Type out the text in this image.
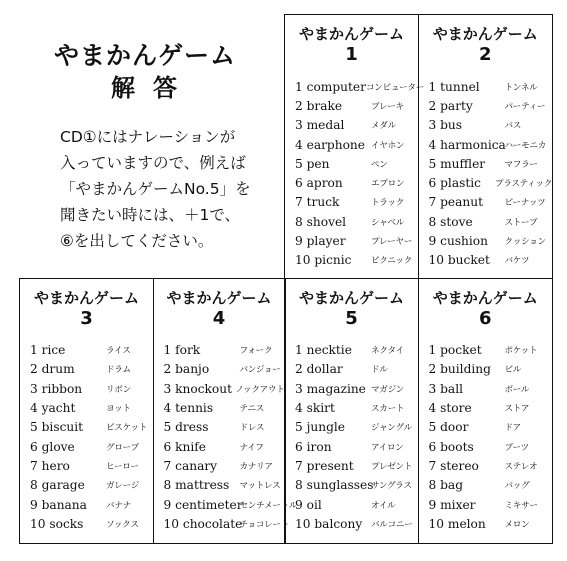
やまかんゲーム
解答
CD①にはナレーションが
入っていますので、例えば
「やまかんゲームNo.5」を
聞きたい時には、＋1で、
⑥を出してください。
やまかんゲーム
1
1 computer コンピューター
2 brake	ブレーキ
3 medal	メダル
4 earphone イヤホン
5 pen	ペン
6 apron	エプロン
7 truck	トラック
8 shovel	シャベル
9 player	プレーヤー
10 picnic	ピクニック
やまかんゲーム
2
1 tunnel	トンネル
2 party	パーティー
3 bus	バス
4 harmonica
ハーモニカ
5 muffler	マフラー
6 plastic	プラスティック
7 peanut	ピーナッツ
8 stove	ストーブ
9 cushion	クッション
10 bucket	バケツ
やまかんゲーム
3
1 rice	ライス
2 drum	ドラム
3 ribbon	リボン
4 yacht	ヨット
5 biscuit	ビスケット
6 glove	グローブ
7 hero	ヒーロー
8 garage	ガレージ
9 banana	バナナ
10 socks	ソックス
やまかんゲーム
4
1 fork	フォーク
2 banjo	バンジョー
3 knockout ノックアウト
4 tennis	テニス
5 dress	ドレス
6 knife	ナイフ
7 canary	カナリア
8 mattress	マットレス
9 centimeter
センチメートル
10 chocolate
チョコレート
やまかんゲーム
5
1 necktie	ネクタイ
2 dollar	ドル
3 magazine マガジン
4 skirt	スカート
5 jungle	ジャングル
6 iron	アイロン
7 present	プレゼント
8 sunglasses
サングラス
9 oil	オイル
10 balcony	バルコニー
やまかんゲーム
6
1 pocket	ポケット
2 building	ビル
3 ball	ボール
4 store	ストア
5 door	ドア
6 boots	ブーツ
7 stereo	ステレオ
8 bag	バッグ
9 mixer	ミキサー
10 melon	メロン
